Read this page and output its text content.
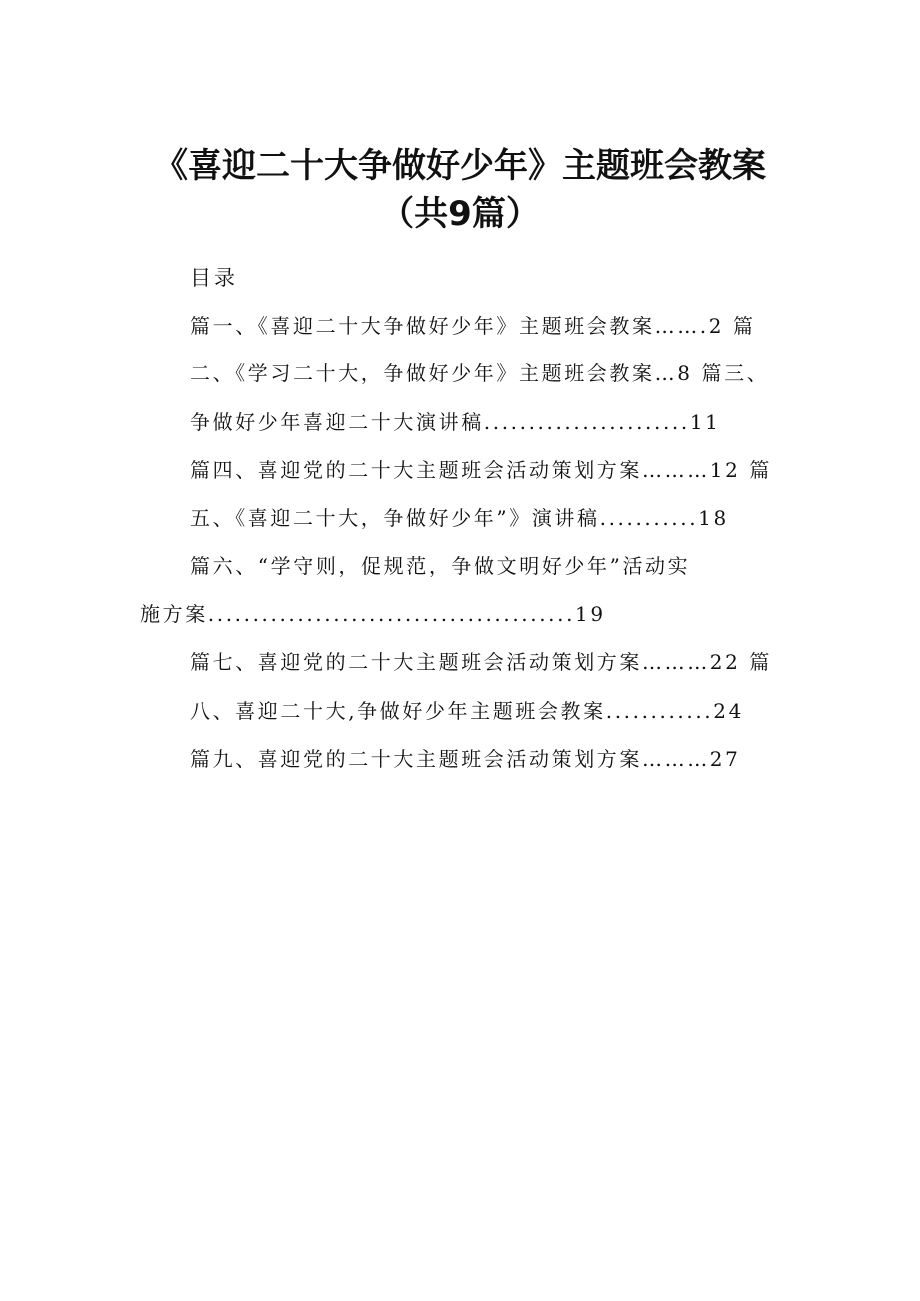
《喜迎二十大争做好少年》主题班会教案
（共9篇）
目录
篇一、《喜迎二十大争做好少年》主题班会教案…….2 篇
二、《学习二十大，争做好少年》主题班会教案…8 篇三、
争做好少年喜迎二十大演讲稿.......................11
篇四、喜迎党的二十大主题班会活动策划方案………12 篇
五、《喜迎二十大，争做好少年”》演讲稿...........18
篇六、“学守则，促规范，争做文明好少年”活动实
施方案.........................................19
篇七、喜迎党的二十大主题班会活动策划方案………22 篇
八、喜迎二十大,争做好少年主题班会教案............24
篇九、喜迎党的二十大主题班会活动策划方案………27
